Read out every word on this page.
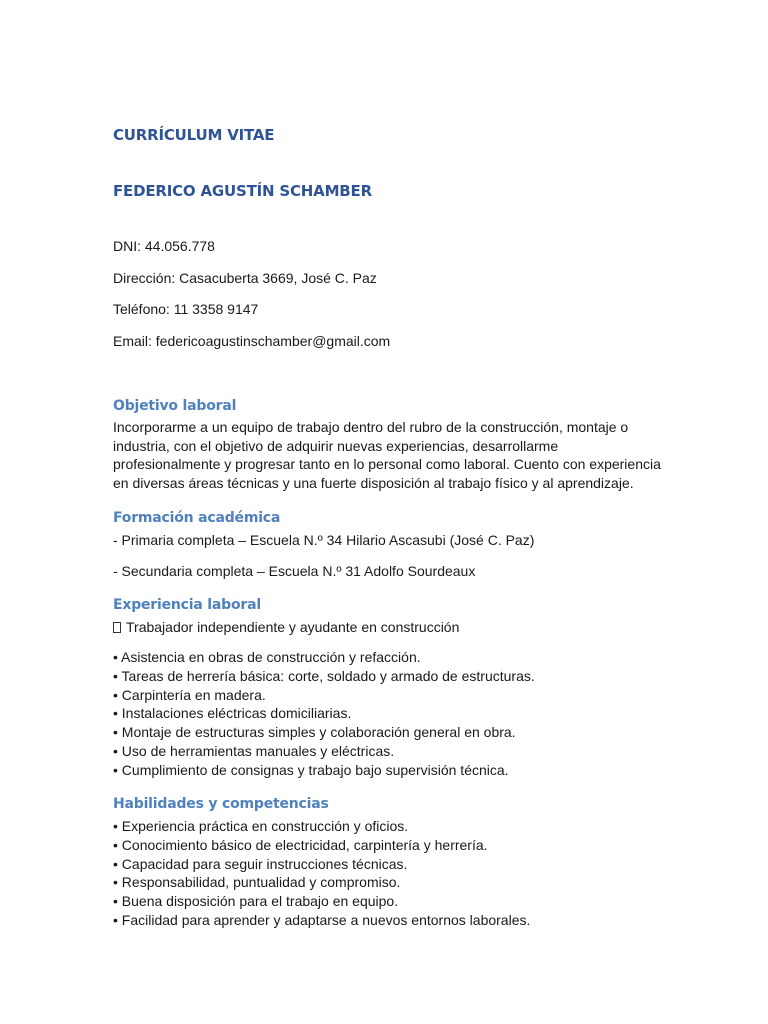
CURRÍCULUM VITAE
FEDERICO AGUSTÍN SCHAMBER

DNI: 44.056.778

Dirección: Casacuberta 3669, José C. Paz

Teléfono: 11 3358 9147

Email: federicoagustinschamber@gmail.com

Objetivo laboral

Incorporarme a un equipo de trabajo dentro del rubro de la construcción, montaje o industria, con el objetivo de adquirir nuevas experiencias, desarrollarme profesionalmente y progresar tanto en lo personal como laboral. Cuento con experiencia en diversas áreas técnicas y una fuerte disposición al trabajo físico y al aprendizaje.

Formación académica

- Primaria completa – Escuela N.º 34 Hilario Ascasubi (José C. Paz)

- Secundaria completa – Escuela N.º 31 Adolfo Sourdeaux

Experiencia laboral

Trabajador independiente y ayudante en construcción

• Asistencia en obras de construcción y refacción.
• Tareas de herrería básica: corte, soldado y armado de estructuras.
• Carpintería en madera.
• Instalaciones eléctricas domiciliarias.
• Montaje de estructuras simples y colaboración general en obra.
• Uso de herramientas manuales y eléctricas.
• Cumplimiento de consignas y trabajo bajo supervisión técnica.
Habilidades y competencias
• Experiencia práctica en construcción y oficios.
• Conocimiento básico de electricidad, carpintería y herrería.
• Capacidad para seguir instrucciones técnicas.
• Responsabilidad, puntualidad y compromiso.
• Buena disposición para el trabajo en equipo.
• Facilidad para aprender y adaptarse a nuevos entornos laborales.
